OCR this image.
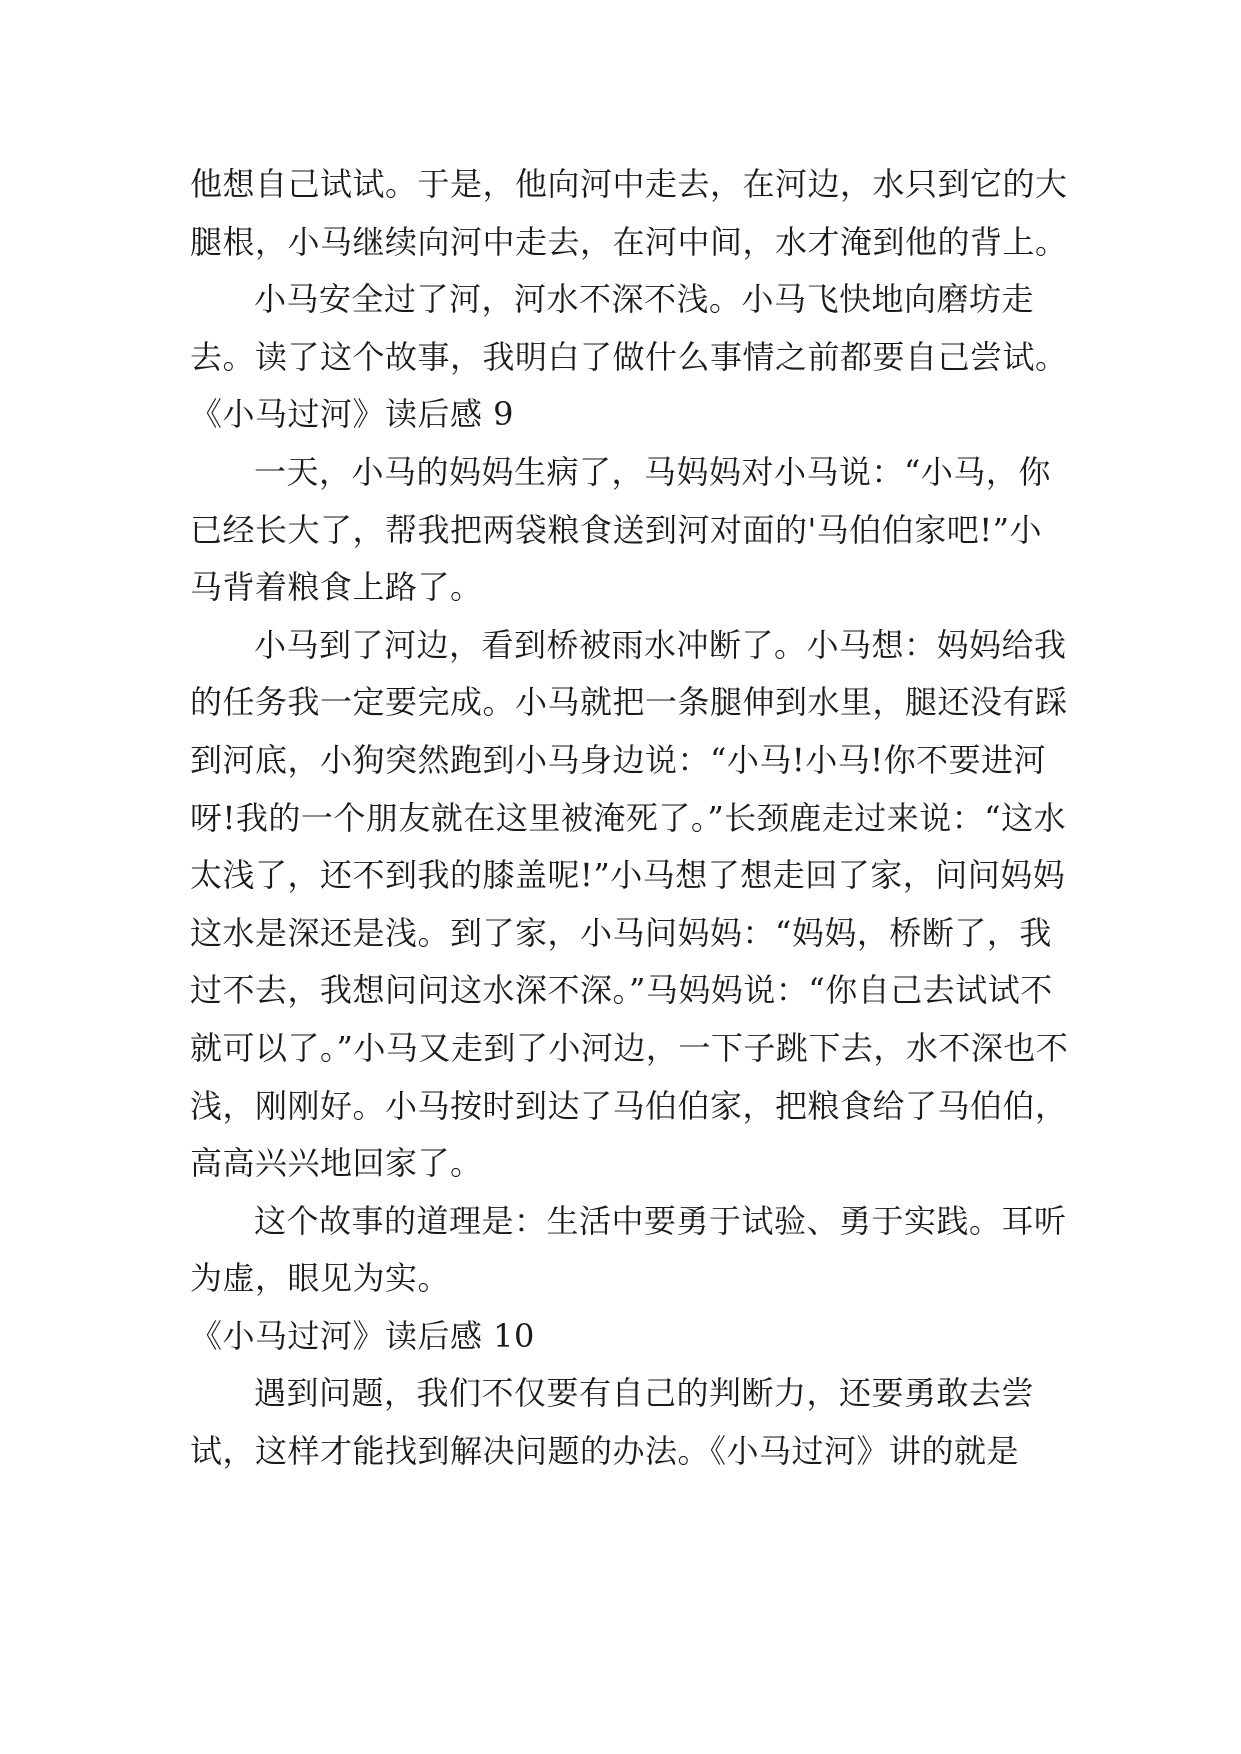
他想自己试试。于是，他向河中走去，在河边，水只到它的大腿根，小马继续向河中走去，在河中间，水才淹到他的背上。

小马安全过了河，河水不深不浅。小马飞快地向磨坊走去。读了这个故事，我明白了做什么事情之前都要自己尝试。

《小马过河》读后感 9

一天，小马的妈妈生病了，马妈妈对小马说：“小马，你已经长大了，帮我把两袋粮食送到河对面的'马伯伯家吧!”小马背着粮食上路了。

小马到了河边，看到桥被雨水冲断了。小马想：妈妈给我的任务我一定要完成。小马就把一条腿伸到水里，腿还没有踩到河底，小狗突然跑到小马身边说：“小马!小马!你不要进河呀!我的一个朋友就在这里被淹死了。”长颈鹿走过来说：“这水太浅了，还不到我的膝盖呢!”小马想了想走回了家，问问妈妈这水是深还是浅。到了家，小马问妈妈：“妈妈，桥断了，我过不去，我想问问这水深不深。”马妈妈说：“你自己去试试不就可以了。”小马又走到了小河边，一下子跳下去，水不深也不浅，刚刚好。小马按时到达了马伯伯家，把粮食给了马伯伯，高高兴兴地回家了。

这个故事的道理是：生活中要勇于试验、勇于实践。耳听为虚，眼见为实。

《小马过河》读后感 10

遇到问题，我们不仅要有自己的判断力，还要勇敢去尝试，这样才能找到解决问题的办法。《小马过河》讲的就是
